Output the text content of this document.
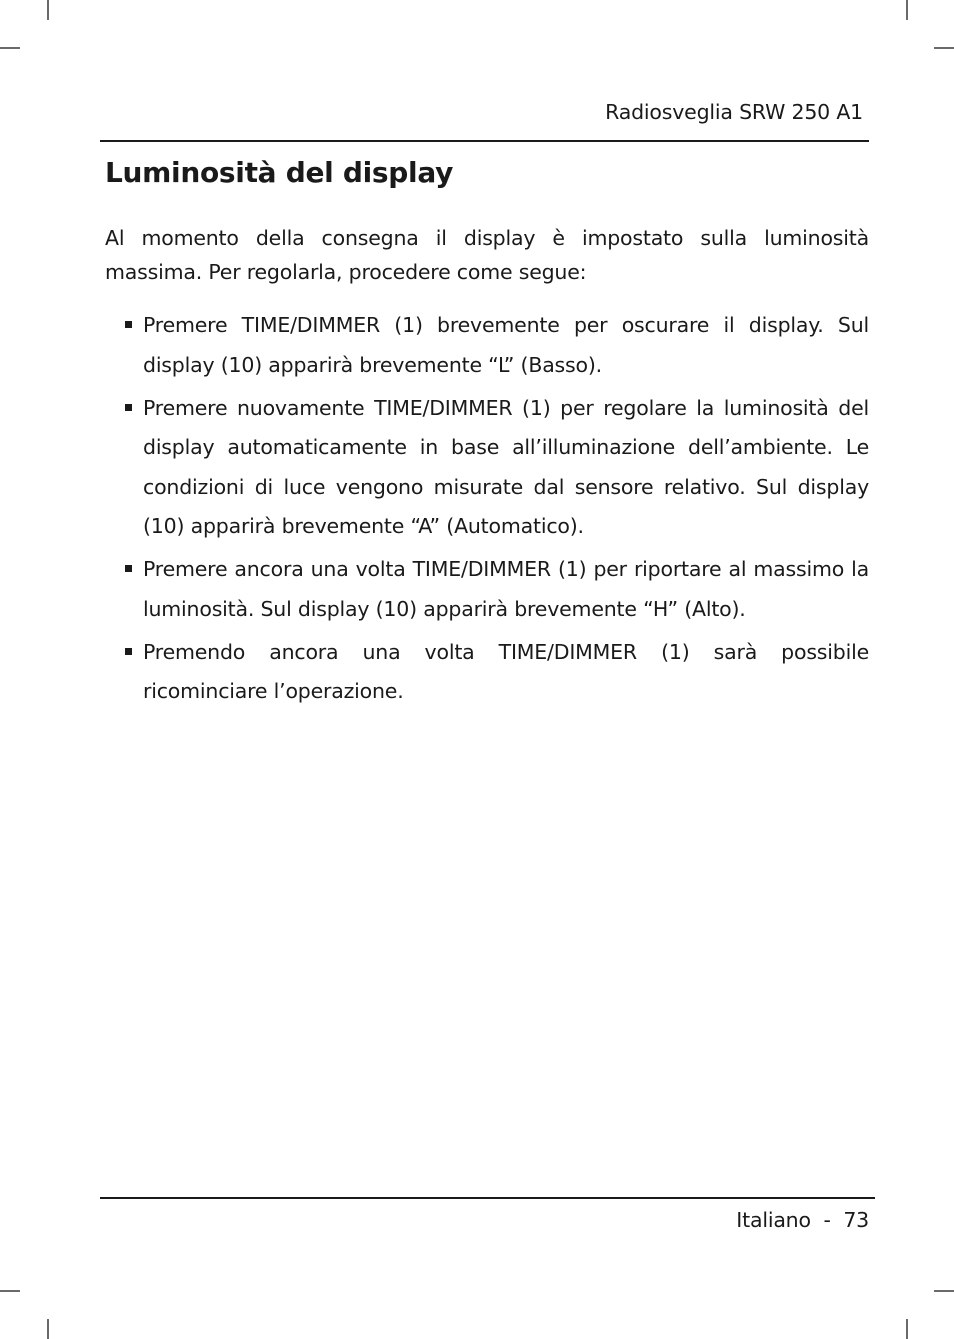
Radiosveglia SRW 250 A1
Luminosità del display

Al momento della consegna il display è impostato sulla luminosità massima. Per regolarla, procedere come segue:

Premere TIME/DIMMER (1) brevemente per oscurare il display. Sul display (10) apparirà brevemente “L” (Basso).
Premere nuovamente TIME/DIMMER (1) per regolare la luminosità del display automaticamente in base all’illuminazione dell’ambiente. Le condizioni di luce vengono misurate dal sensore relativo. Sul display (10) apparirà brevemente “A” (Automatico).
Premere ancora una volta TIME/DIMMER (1) per riportare al massimo la luminosità. Sul display (10) apparirà brevemente “H” (Alto).
Premendo ancora una volta TIME/DIMMER (1) sarà possibile ricominciare l’operazione.
Italiano - 73
